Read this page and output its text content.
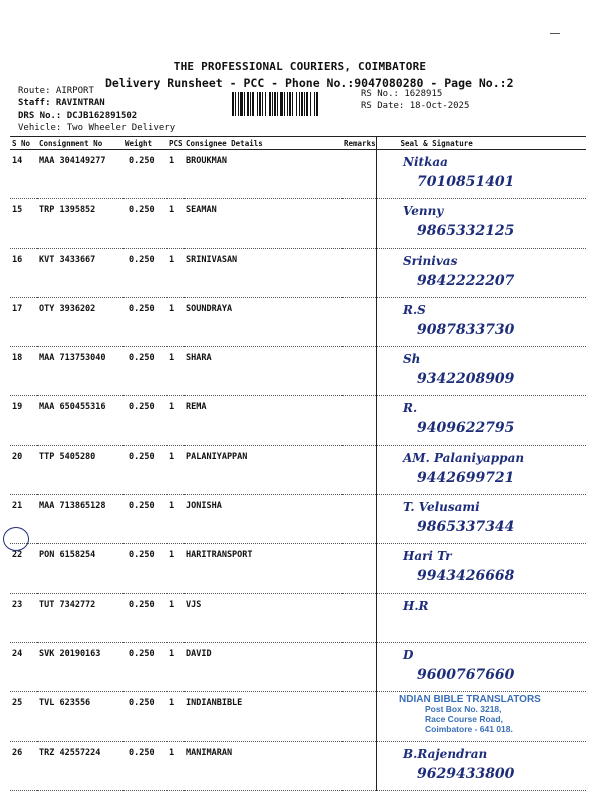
THE PROFESSIONAL COURIERS, COIMBATORE
Delivery Runsheet - PCC - Phone No.:9047080280 - Page No.:2
Route: AIRPORT
Staff: RAVINTRAN
DRS No.: DCJB162891502
Vehicle: Two Wheeler Delivery
RS No.: 1628915
RS Date: 18-Oct-2025
S No	Consignment No	Weight	PCS	Consignee Details	Remarks	Seal & Signature
14	MAA 304149277	0.250	1	BROUKMAN		Nitkaa
7010851401

15	TRP 1395852	0.250	1	SEAMAN		Venny
9865332125

16	KVT 3433667	0.250	1	SRINIVASAN		Srinivas
9842222207

17	OTY 3936202	0.250	1	SOUNDRAYA		R.S
9087833730

18	MAA 713753040	0.250	1	SHARA		Sh
9342208909

19	MAA 650455316	0.250	1	REMA		R.
9409622795

20	TTP 5405280	0.250	1	PALANIYAPPAN		AM. Palaniyappan
9442699721

21	MAA 713865128	0.250	1	JONISHA		T. Velusami
9865337344

22	PON 6158254	0.250	1	HARITRANSPORT		Hari Tr
9943426668

23	TUT 7342772	0.250	1	VJS		H.R

24	SVK 20190163	0.250	1	DAVID		D
9600767660

25	TVL 623556	0.250	1	INDIANBIBLE		NDIAN BIBLE TRANSLATORS
Post Box No. 3218,
Race Course Road,
Coimbatore - 641 018.

26	TRZ 42557224	0.250	1	MANIMARAN		B.Rajendran
9629433800
